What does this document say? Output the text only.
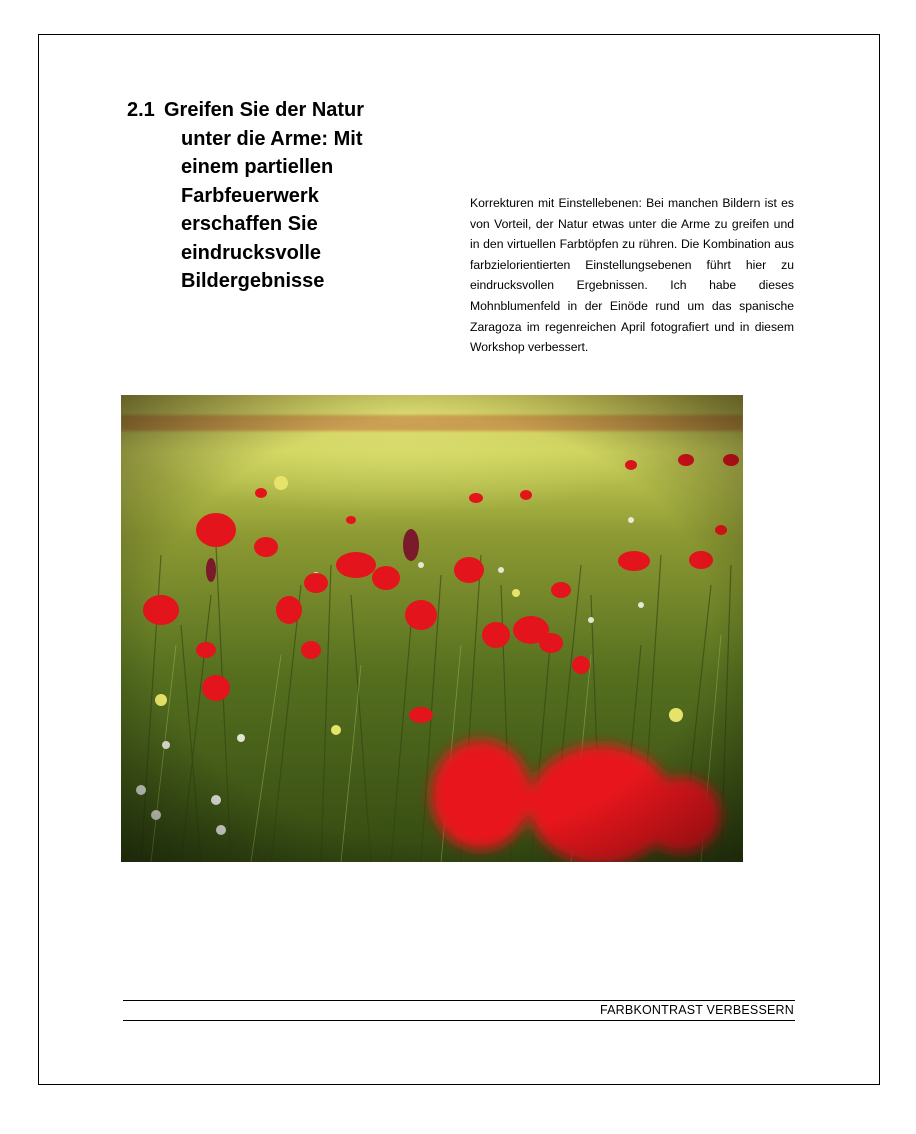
2.1 Greifen Sie der Natur
unter die Arme: Mit
einem partiellen
Farbfeuerwerk
erschaffen Sie
eindrucksvolle
Bildergebnisse
Korrekturen mit Einstellebenen: Bei manchen Bildern ist es von Vorteil, der Natur etwas unter die Arme zu greifen und in den virtuellen Farbtöpfen zu rühren. Die Kombination aus farbzielorientierten Einstellungsebenen führt hier zu eindrucksvollen Ergebnissen. Ich habe dieses Mohnblumenfeld in der Einöde rund um das spanische Zaragoza im regenreichen April fotografiert und in diesem Workshop verbessert.
FARBKONTRAST VERBESSERN
